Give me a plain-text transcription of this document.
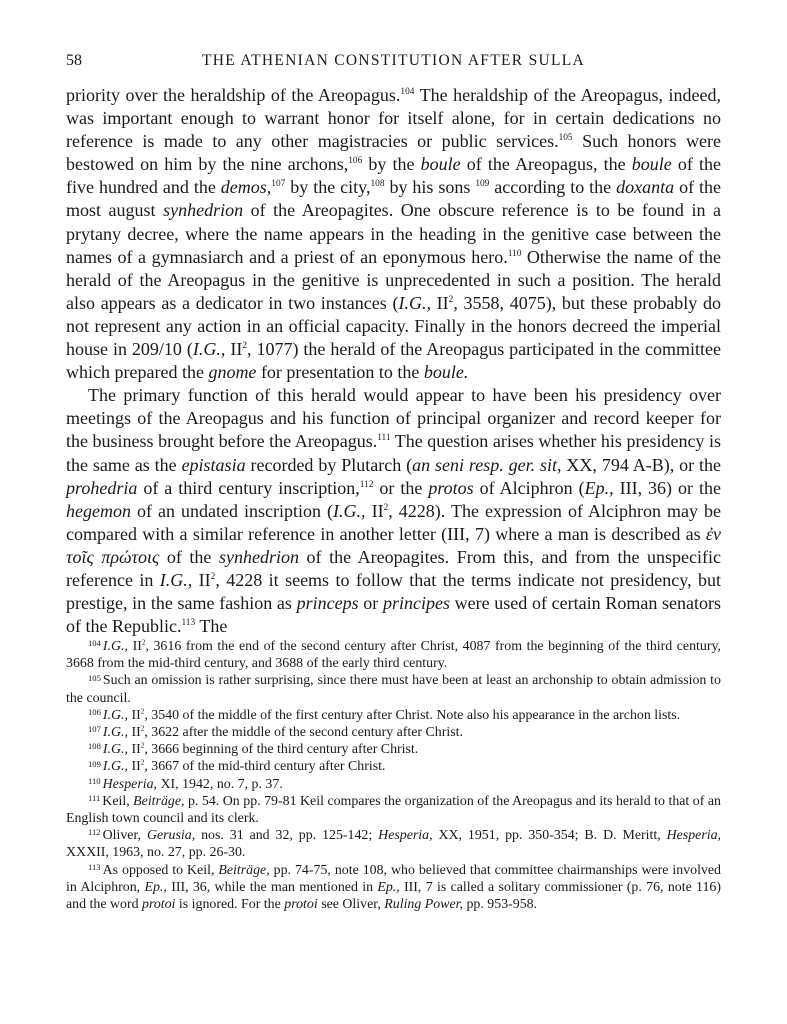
58	THE ATHENIAN CONSTITUTION AFTER SULLA

priority over the heraldship of the Areopagus.$^{104}$ The heraldship of the Areopagus, indeed, was important enough to warrant honor for itself alone, for in certain dedications no reference is made to any other magistracies or public services.$^{105}$ Such honors were bestowed on him by the nine archons,$^{106}$ by the boule of the Areopagus, the boule of the five hundred and the demos,$^{107}$ by the city,$^{108}$ by his sons $^{109}$ according to the doxanta of the most august synhedrion of the Areopagites. One obscure reference is to be found in a prytany decree, where the name appears in the heading in the genitive case between the names of a gymnasiarch and a priest of an eponymous hero.$^{110}$ Otherwise the name of the herald of the Areopagus in the genitive is unprecedented in such a position. The herald also appears as a dedicator in two instances (I.G., $II^2$, 3558, 4075), but these probably do not represent any action in an official capacity. Finally in the honors decreed the imperial house in 209/10 (I.G., $II^2$, 1077) the herald of the Areopagus participated in the committee which prepared the gnome for presentation to the boule.

The primary function of this herald would appear to have been his presidency over meetings of the Areopagus and his function of principal organizer and record keeper for the business brought before the Areopagus.$^{111}$ The question arises whether his presidency is the same as the epistasia recorded by Plutarch (an seni resp. ger. sit, XX, 794 A-B), or the prohedria of a third century inscription,$^{112}$ or the protos of Alciphron (Ep., III, 36) or the hegemon of an undated inscription (I.G., $II^2$, 4228). The expression of Alciphron may be compared with a similar reference in another letter (III, 7) where a man is described as ἐν τοῖς πρώτοις of the synhedrion of the Areopagites. From this, and from the unspecific reference in I.G., $II^2$, 4228 it seems to follow that the terms indicate not presidency, but prestige, in the same fashion as princeps or principes were used of certain Roman senators of the Republic.$^{113}$ The

$^{104}$ I.G., $II^2$, 3616 from the end of the second century after Christ, 4087 from the beginning of the third century, 3668 from the mid-third century, and 3688 of the early third century.

$^{105}$ Such an omission is rather surprising, since there must have been at least an archonship to obtain admission to the council.

$^{106}$ I.G., $II^2$, 3540 of the middle of the first century after Christ. Note also his appearance in the archon lists.

$^{107}$ I.G., $II^2$, 3622 after the middle of the second century after Christ.

$^{108}$ I.G., $II^2$, 3666 beginning of the third century after Christ.

$^{109}$ I.G., $II^2$, 3667 of the mid-third century after Christ.

$^{110}$ Hesperia, XI, 1942, no. 7, p. 37.

$^{111}$ Keil, Beiträge, p. 54. On pp. 79-81 Keil compares the organization of the Areopagus and its herald to that of an English town council and its clerk.

$^{112}$ Oliver, Gerusia, nos. 31 and 32, pp. 125-142; Hesperia, XX, 1951, pp. 350-354; B. D. Meritt, Hesperia, XXXII, 1963, no. 27, pp. 26-30.

$^{113}$ As opposed to Keil, Beiträge, pp. 74-75, note 108, who believed that committee chairmanships were involved in Alciphron, Ep., III, 36, while the man mentioned in Ep., III, 7 is called a solitary commissioner (p. 76, note 116) and the word protoi is ignored. For the protoi see Oliver, Ruling Power, pp. 953-958.
